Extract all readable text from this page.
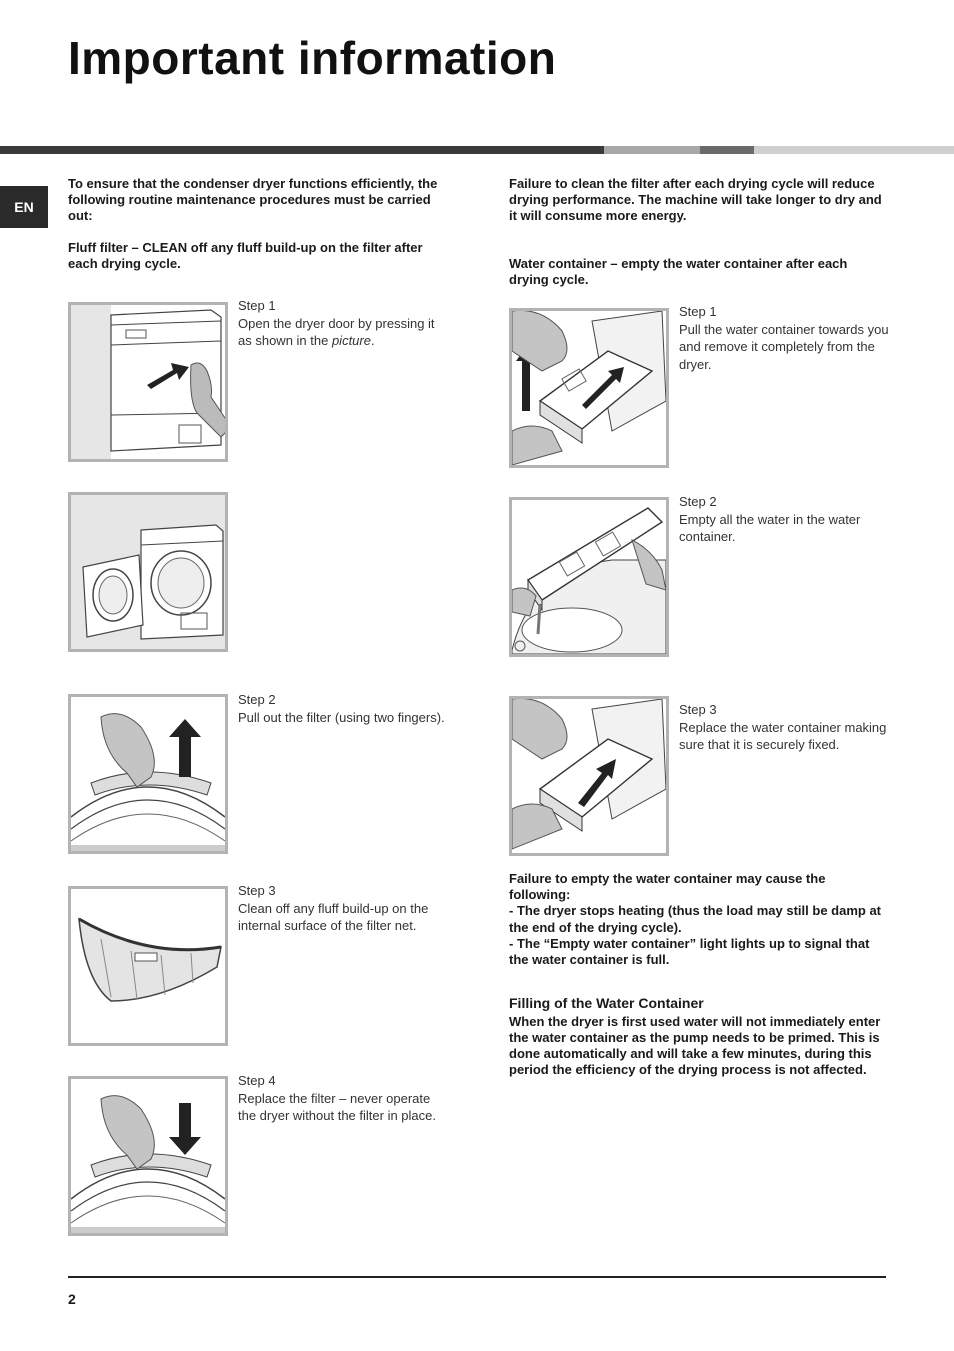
Important information
EN

To ensure that the condenser dryer functions efficiently, the following routine maintenance procedures must be carried out:

Fluff filter – CLEAN off any fluff build-up on the filter after each drying cycle.

Step 1
Open the dryer door by pressing it as shown in the picture.
Step 2
Pull out the filter (using two fingers).
Step 3
Clean off any fluff build-up on the internal surface of the filter net.
Step 4
Replace the filter – never operate the dryer without the filter in place.

Failure to clean the filter after each drying cycle will reduce drying performance. The machine will take longer to dry and it will consume more energy.

Water container – empty the water container after each drying cycle.

Step 1
Pull the water container towards you and remove it completely from the dryer.
Step 2
Empty all the water in the water container.
Step 3
Replace the water container making sure that it is securely fixed.
Failure to empty the water container may cause the following:
- The dryer stops heating (thus the load may still be damp at the end of the drying cycle).
- The “Empty water container” light lights up to signal that the water container is full.
Filling of the Water Container

When the dryer is first used water will not immediately enter the water container as the pump needs to be primed. This is done automatically and will take a few minutes, during this period the efficiency of the drying process is not affected.

2
